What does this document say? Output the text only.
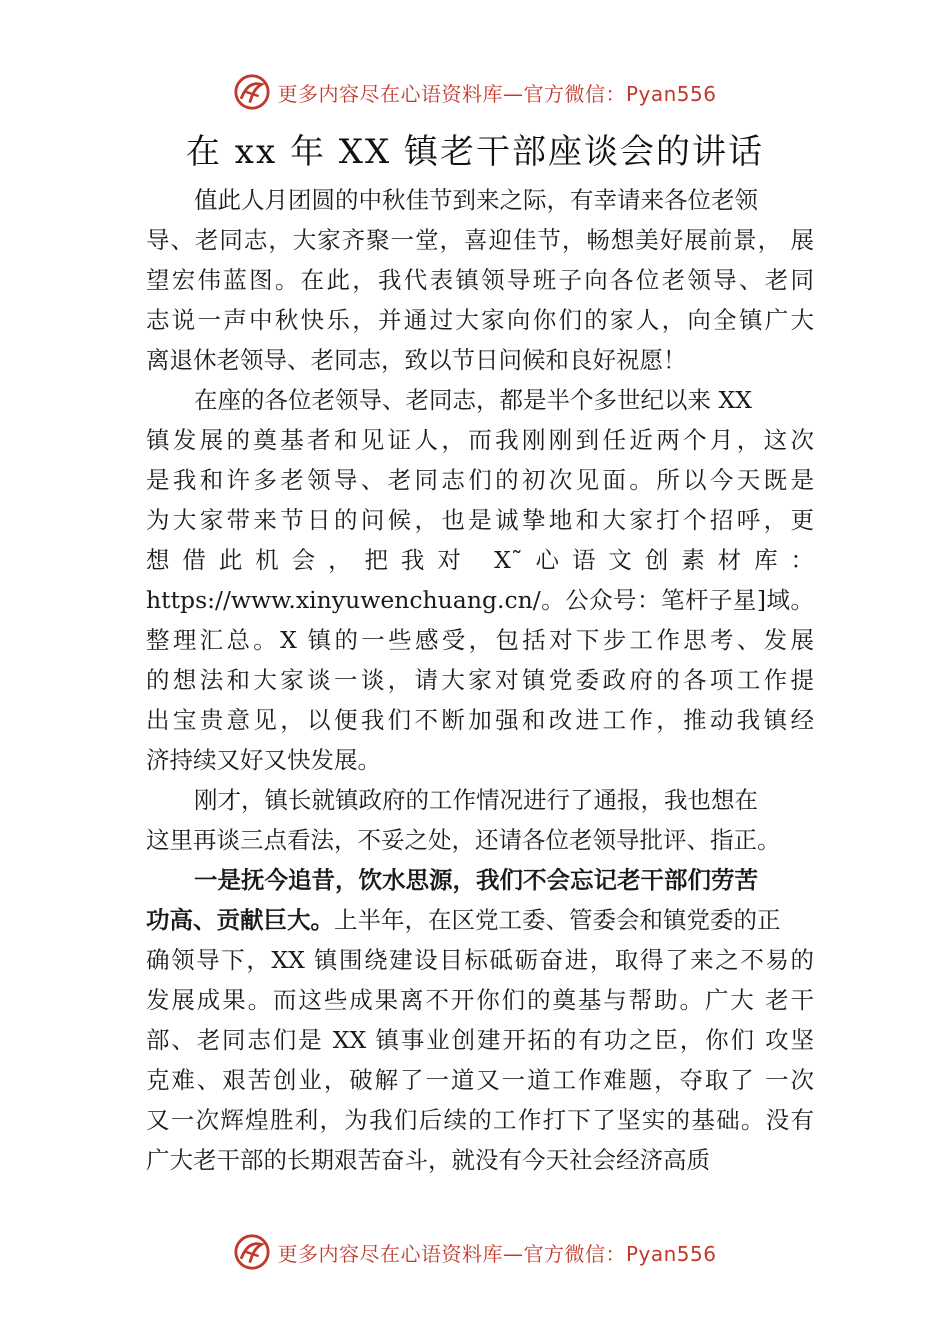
更多内容尽在心语资料库—官方微信：Pyan556
在 xx 年 XX 镇老干部座谈会的讲话
值此人月团圆的中秋佳节到来之际，有幸请来各位老领
导、老同志，大家齐聚一堂，喜迎佳节，畅想美好展前景， 展
望宏伟蓝图。在此，我代表镇领导班子向各位老领导、老同
志说一声中秋快乐，并通过大家向你们的家人，向全镇广大
离退休老领导、老同志，致以节日问候和良好祝愿！
在座的各位老领导、老同志，都是半个多世纪以来 XX
镇发展的奠基者和见证人，而我刚刚到任近两个月，这次
是我和许多老领导、老同志们的初次见面。所以今天既是
为大家带来节日的问候，也是诚挚地和大家打个招呼，更
想借此机会，把我对 X˜心语文创素材库：
https://www.xinyuwenchuang.cn/。公众号：笔杆子星]域。
整理汇总。X 镇的一些感受，包括对下步工作思考、发展
的想法和大家谈一谈，请大家对镇党委政府的各项工作提
出宝贵意见，以便我们不断加强和改进工作，推动我镇经
济持续又好又快发展。
刚才，镇长就镇政府的工作情况进行了通报，我也想在
这里再谈三点看法，不妥之处，还请各位老领导批评、指正。
一是抚今追昔，饮水思源，我们不会忘记老干部们劳苦
功高、贡献巨大。上半年，在区党工委、管委会和镇党委的正
确领导下，XX 镇围绕建设目标砥砺奋进，取得了来之不易的
发展成果。而这些成果离不开你们的奠基与帮助。广大 老干
部、老同志们是 XX 镇事业创建开拓的有功之臣，你们 攻坚
克难、艰苦创业，破解了一道又一道工作难题，夺取了 一次
又一次辉煌胜利，为我们后续的工作打下了坚实的基础。没有
广大老干部的长期艰苦奋斗，就没有今天社会经济高质
更多内容尽在心语资料库—官方微信：Pyan556
